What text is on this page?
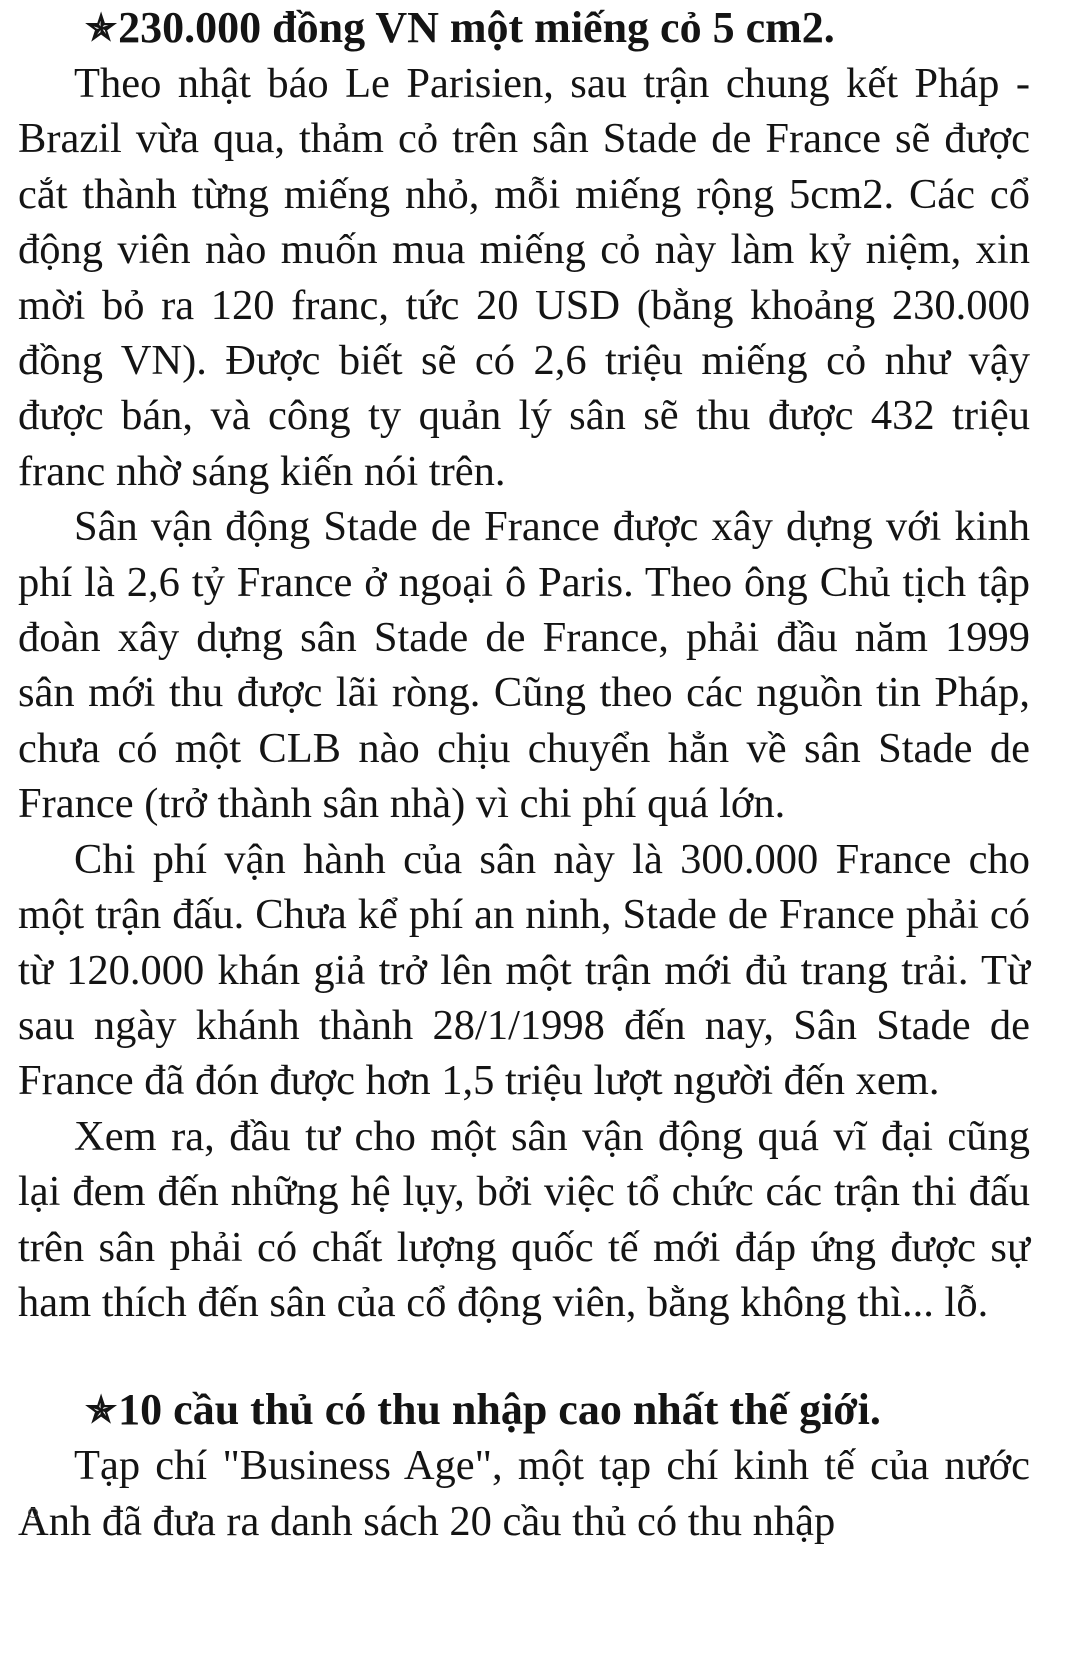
✯230.000 đồng VN một miếng cỏ 5 cm2.

Theo nhật báo Le Parisien, sau trận chung kết Pháp - Brazil vừa qua, thảm cỏ trên sân Stade de France sẽ được cắt thành từng miếng nhỏ, mỗi miếng rộng 5cm2. Các cổ động viên nào muốn mua miếng cỏ này làm kỷ niệm, xin mời bỏ ra 120 franc, tức 20 USD (bằng khoảng 230.000 đồng VN). Được biết sẽ có 2,6 triệu miếng cỏ như vậy được bán, và công ty quản lý sân sẽ thu được 432 triệu franc nhờ sáng kiến nói trên.

Sân vận động Stade de France được xây dựng với kinh phí là 2,6 tỷ France ở ngoại ô Paris. Theo ông Chủ tịch tập đoàn xây dựng sân Stade de France, phải đầu năm 1999 sân mới thu được lãi ròng. Cũng theo các nguồn tin Pháp, chưa có một CLB nào chịu chuyển hẳn về sân Stade de France (trở thành sân nhà) vì chi phí quá lớn.

Chi phí vận hành của sân này là 300.000 France cho một trận đấu. Chưa kể phí an ninh, Stade de France phải có từ 120.000 khán giả trở lên một trận mới đủ trang trải. Từ sau ngày khánh thành 28/1/1998 đến nay, Sân Stade de France đã đón được hơn 1,5 triệu lượt người đến xem.

Xem ra, đầu tư cho một sân vận động quá vĩ đại cũng lại đem đến những hệ lụy, bởi việc tổ chức các trận thi đấu trên sân phải có chất lượng quốc tế mới đáp ứng được sự ham thích đến sân của cổ động viên, bằng không thì... lỗ.

✯10 cầu thủ có thu nhập cao nhất thế giới.

Tạp chí "Business Age", một tạp chí kinh tế của nước Anh đã đưa ra danh sách 20 cầu thủ có thu nhập
